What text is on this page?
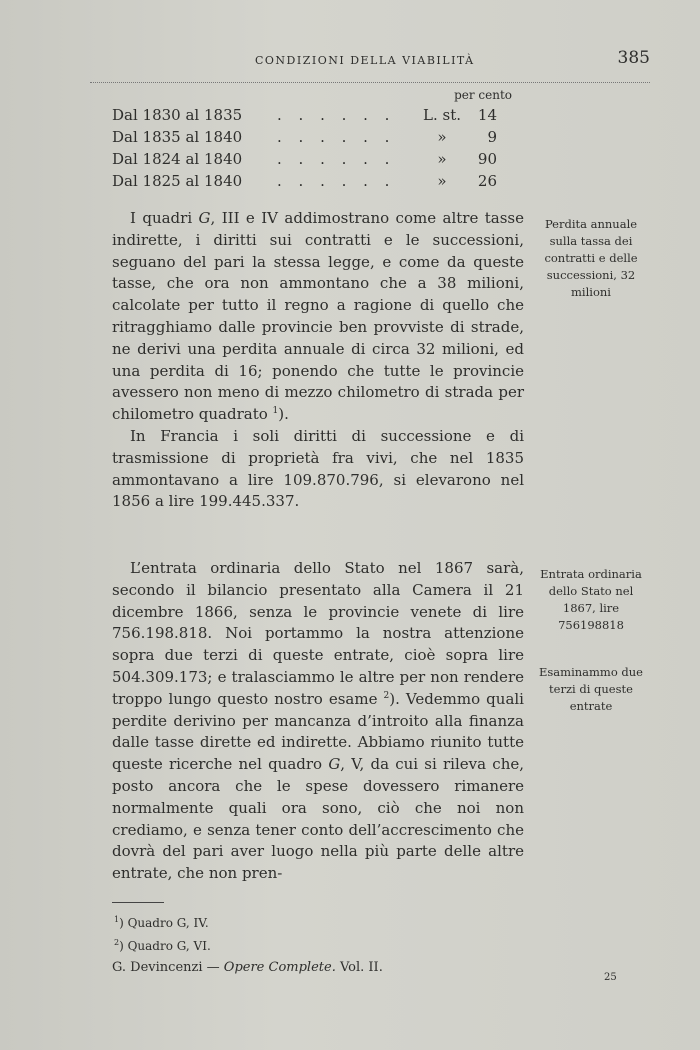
CONDIZIONI DELLA VIABILITÀ	385
per cento
Dal 1830 al 1835 . . . . . .	L. st.	14
Dal 1835 al 1840 . . . . . .	»	9
Dal 1824 al 1840 . . . . . .	»	90
Dal 1825 al 1840 . . . . . .	»	26

I quadri G, III e IV addimostrano come altre tasse indirette, i diritti sui contratti e le successioni, seguano del pari la stessa legge, e come da queste tasse, che ora non ammontano che a 38 milioni, calcolate per tutto il regno a ragione di quello che ritragghiamo dalle provincie ben provviste di strade, ne derivi una perdita annuale di circa 32 milioni, ed una perdita di 16; ponendo che tutte le provincie avessero non meno di mezzo chilometro di strada per chilometro quadrato $^1$).

In Francia i soli diritti di successione e di trasmissione di proprietà fra vivi, che nel 1835 ammontavano a lire 109.870.796, si elevarono nel 1856 a lire 199.445.337.

L’entrata ordinaria dello Stato nel 1867 sarà, secondo il bilancio presentato alla Camera il 21 dicembre 1866, senza le provincie venete di lire 756.198.818. Noi portammo la nostra attenzione sopra due terzi di queste entrate, cioè sopra lire 504.309.173; e tralasciammo le altre per non rendere troppo lungo questo nostro esame $^2$). Vedemmo quali perdite derivino per mancanza d’introito alla finanza dalle tasse dirette ed indirette. Abbiamo riunito tutte queste ricerche nel quadro G, V, da cui si rileva che, posto ancora che le spese dovessero rimanere normalmente quali ora sono, ciò che noi non crediamo, e senza tener conto dell’accrescimento che dovrà del pari aver luogo nella più parte delle altre entrate, che non pren-

Perdita annuale sulla tassa dei contratti e delle successioni, 32 milioni
Entrata ordinaria dello Stato nel 1867, lire 756198818
Esaminammo due terzi di queste entrate
$^1$) Quadro G, IV.
$^2$) Quadro G, VI.
G. Devincenzi — Opere Complete. Vol. II.
25
